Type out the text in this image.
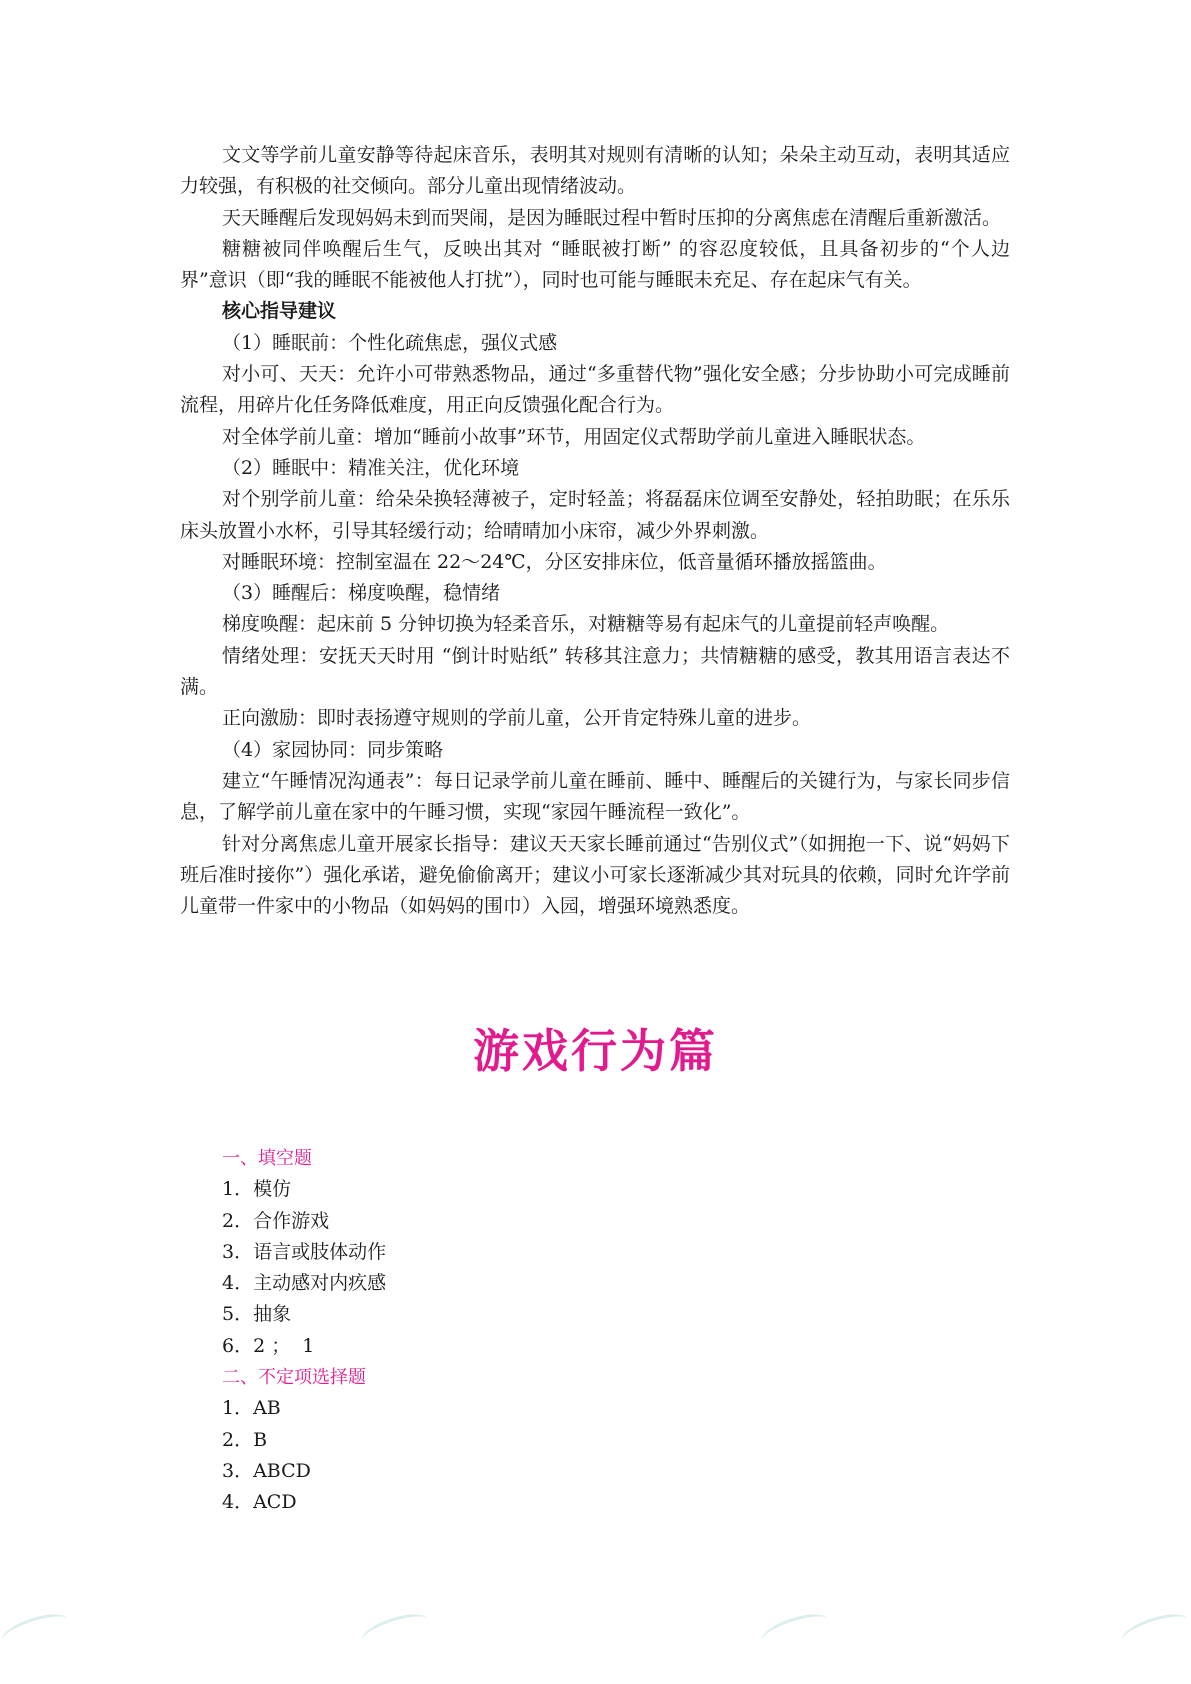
文文等学前儿童安静等待起床音乐，表明其对规则有清晰的认知；朵朵主动互动，表明其适应力较强，有积极的社交倾向。部分儿童出现情绪波动。

天天睡醒后发现妈妈未到而哭闹，是因为睡眠过程中暂时压抑的分离焦虑在清醒后重新激活。

糖糖被同伴唤醒后生气，反映出其对 “睡眠被打断” 的容忍度较低，且具备初步的“个人边界”意识（即“我的睡眠不能被他人打扰”），同时也可能与睡眠未充足、存在起床气有关。

核心指导建议

（1）睡眠前：个性化疏焦虑，强仪式感

对小可、天天：允许小可带熟悉物品，通过“多重替代物”强化安全感；分步协助小可完成睡前流程，用碎片化任务降低难度，用正向反馈强化配合行为。

对全体学前儿童：增加“睡前小故事”环节，用固定仪式帮助学前儿童进入睡眠状态。

（2）睡眠中：精准关注，优化环境

对个别学前儿童：给朵朵换轻薄被子，定时轻盖；将磊磊床位调至安静处，轻拍助眠；在乐乐床头放置小水杯，引导其轻缓行动；给晴晴加小床帘，减少外界刺激。

对睡眠环境：控制室温在 22～24℃，分区安排床位，低音量循环播放摇篮曲。

（3）睡醒后：梯度唤醒，稳情绪

梯度唤醒：起床前 5 分钟切换为轻柔音乐，对糖糖等易有起床气的儿童提前轻声唤醒。

情绪处理：安抚天天时用 “倒计时贴纸” 转移其注意力；共情糖糖的感受，教其用语言表达不满。

正向激励：即时表扬遵守规则的学前儿童，公开肯定特殊儿童的进步。

（4）家园协同：同步策略

建立“午睡情况沟通表”：每日记录学前儿童在睡前、睡中、睡醒后的关键行为，与家长同步信息，了解学前儿童在家中的午睡习惯，实现“家园午睡流程一致化”。

针对分离焦虑儿童开展家长指导：建议天天家长睡前通过“告别仪式”（如拥抱一下、说“妈妈下班后准时接你”）强化承诺，避免偷偷离开；建议小可家长逐渐减少其对玩具的依赖，同时允许学前儿童带一件家中的小物品（如妈妈的围巾）入园，增强环境熟悉度。

游戏行为篇
一、填空题
1．模仿
2．合作游戏
3．语言或肢体动作
4．主动感对内疚感
5．抽象
6．2 ；  1
二、不定项选择题
1．AB
2．B
3．ABCD
4．ACD
